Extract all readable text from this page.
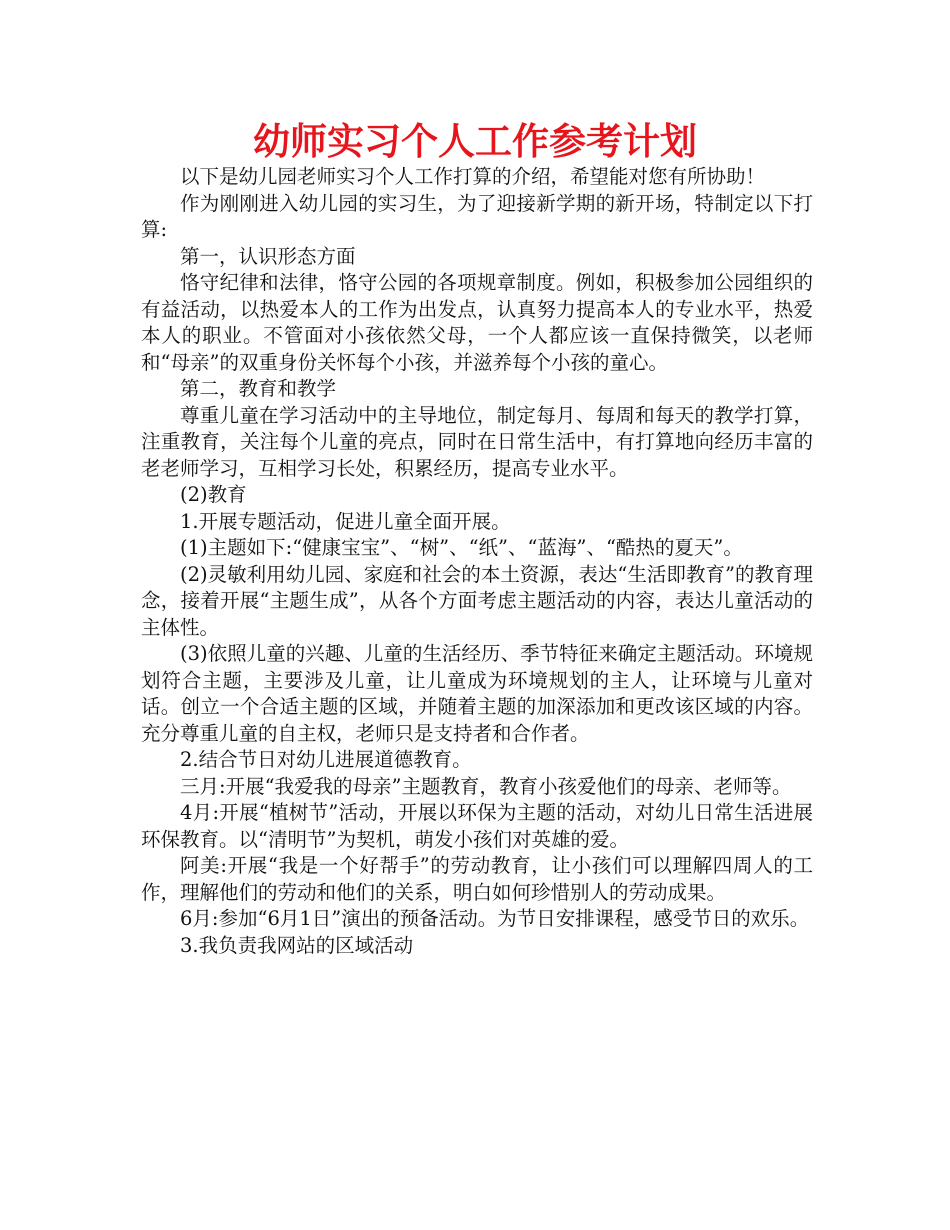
幼师实习个人工作参考计划

以下是幼儿园老师实习个人工作打算的介绍，希望能对您有所协助！

作为刚刚进入幼儿园的实习生，为了迎接新学期的新开场，特制定以下打算:

第一，认识形态方面

恪守纪律和法律，恪守公园的各项规章制度。例如，积极参加公园组织的有益活动，以热爱本人的工作为出发点，认真努力提高本人的专业水平，热爱本人的职业。不管面对小孩依然父母，一个人都应该一直保持微笑，以老师和“母亲”的双重身份关怀每个小孩，并滋养每个小孩的童心。

第二，教育和教学

尊重儿童在学习活动中的主导地位，制定每月、每周和每天的教学打算，注重教育，关注每个儿童的亮点，同时在日常生活中，有打算地向经历丰富的老老师学习，互相学习长处，积累经历，提高专业水平。

(2)教育

1.开展专题活动，促进儿童全面开展。

(1)主题如下:“健康宝宝”、“树”、“纸”、“蓝海”、“酷热的夏天”。

(2)灵敏利用幼儿园、家庭和社会的本土资源，表达“生活即教育”的教育理念，接着开展“主题生成”，从各个方面考虑主题活动的内容，表达儿童活动的主体性。

(3)依照儿童的兴趣、儿童的生活经历、季节特征来确定主题活动。环境规划符合主题，主要涉及儿童，让儿童成为环境规划的主人，让环境与儿童对话。创立一个合适主题的区域，并随着主题的加深添加和更改该区域的内容。充分尊重儿童的自主权，老师只是支持者和合作者。

2.结合节日对幼儿进展道德教育。

三月:开展“我爱我的母亲”主题教育，教育小孩爱他们的母亲、老师等。

4月:开展“植树节”活动，开展以环保为主题的活动，对幼儿日常生活进展环保教育。以“清明节”为契机，萌发小孩们对英雄的爱。

阿美:开展“我是一个好帮手”的劳动教育，让小孩们可以理解四周人的工作，理解他们的劳动和他们的关系，明白如何珍惜别人的劳动成果。

6月:参加“6月1日”演出的预备活动。为节日安排课程，感受节日的欢乐。

3.我负责我网站的区域活动
